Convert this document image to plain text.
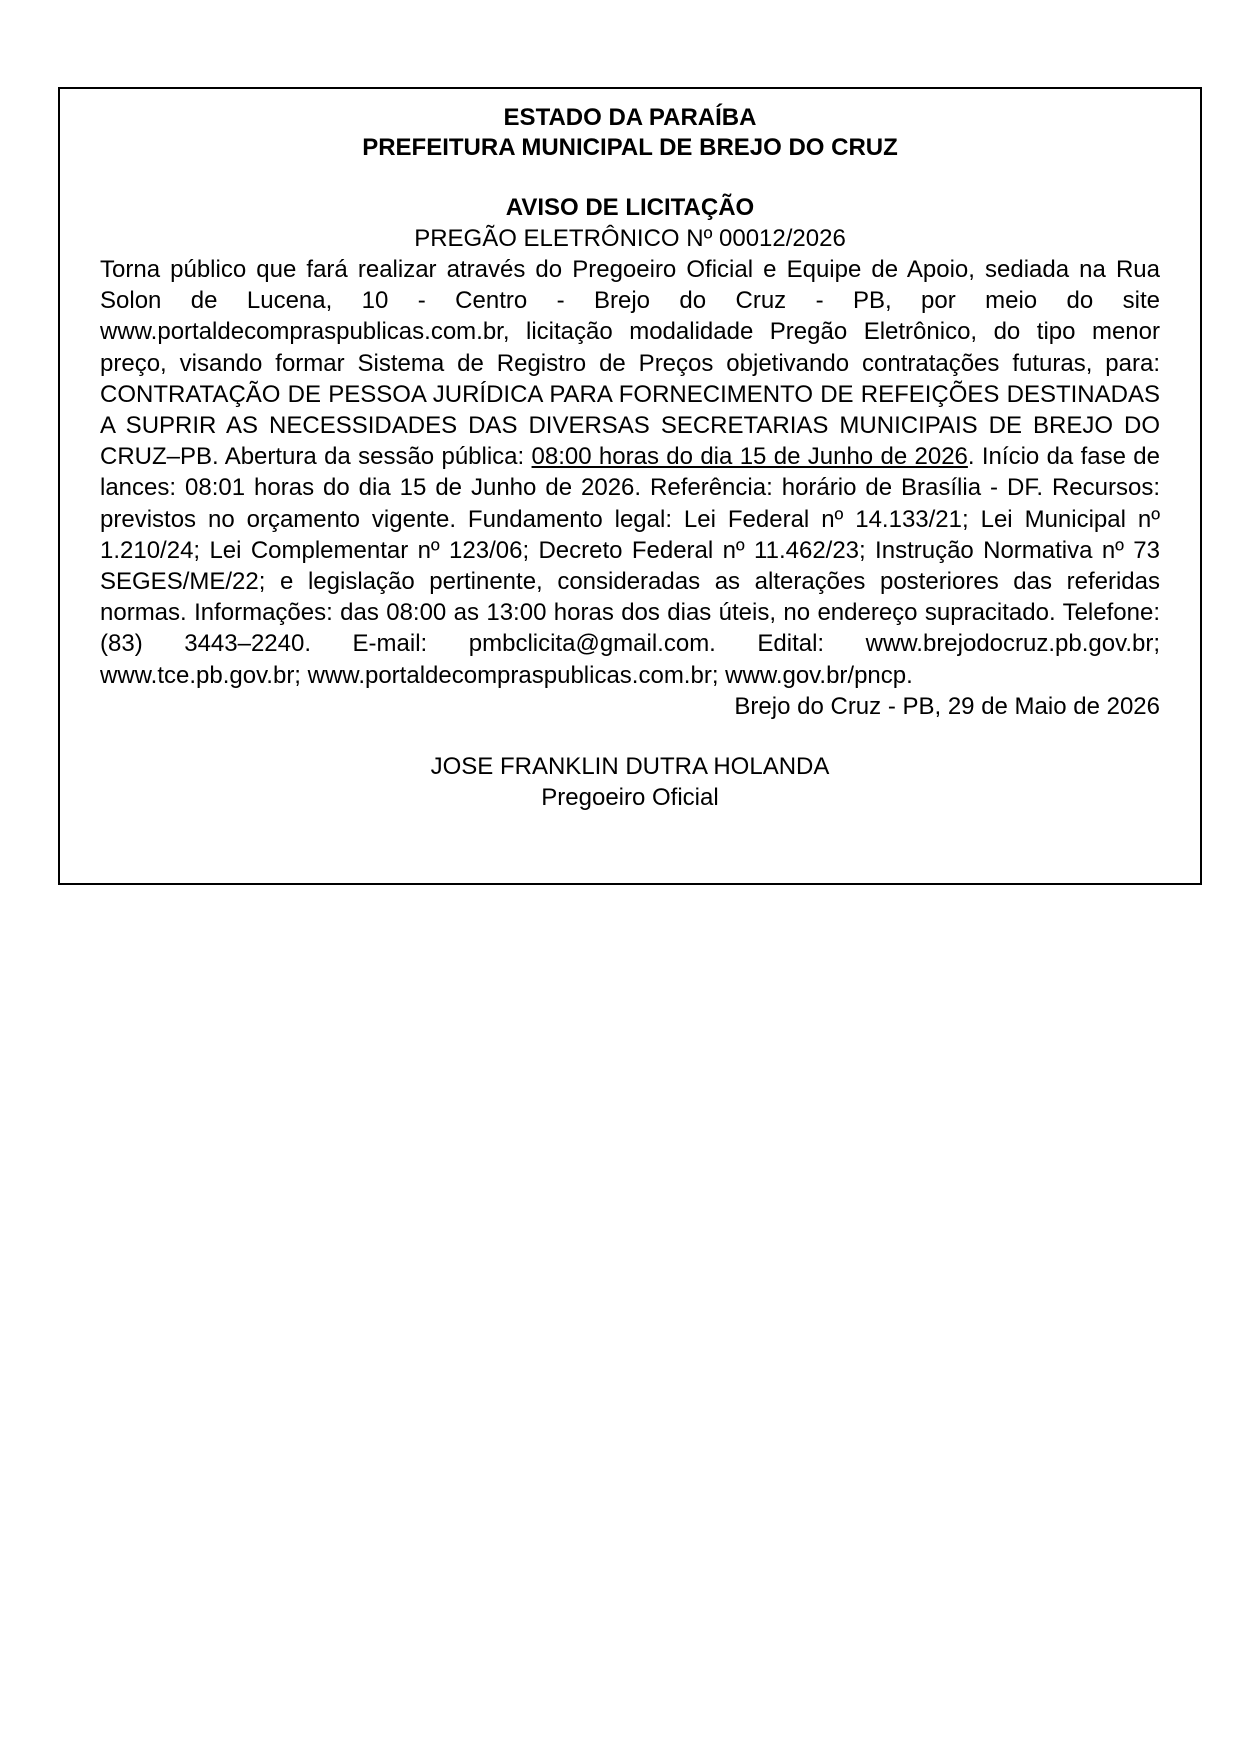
ESTADO DA PARAÍBA
PREFEITURA MUNICIPAL DE BREJO DO CRUZ
AVISO DE LICITAÇÃO
PREGÃO ELETRÔNICO Nº 00012/2026
Torna público que fará realizar através do Pregoeiro Oficial e Equipe de Apoio, sediada na Rua Solon de Lucena, 10 - Centro - Brejo do Cruz - PB, por meio do site www.portaldecompraspublicas.com.br, licitação modalidade Pregão Eletrônico, do tipo menor preço, visando formar Sistema de Registro de Preços objetivando contratações futuras, para: CONTRATAÇÃO DE PESSOA JURÍDICA PARA FORNECIMENTO DE REFEIÇÕES DESTINADAS A SUPRIR AS NECESSIDADES DAS DIVERSAS SECRETARIAS MUNICIPAIS DE BREJO DO CRUZ–PB. Abertura da sessão pública: 08:00 horas do dia 15 de Junho de 2026. Início da fase de lances: 08:01 horas do dia 15 de Junho de 2026. Referência: horário de Brasília - DF. Recursos: previstos no orçamento vigente. Fundamento legal: Lei Federal nº 14.133/21; Lei Municipal nº 1.210/24; Lei Complementar nº 123/06; Decreto Federal nº 11.462/23; Instrução Normativa nº 73 SEGES/ME/22; e legislação pertinente, consideradas as alterações posteriores das referidas normas. Informações: das 08:00 as 13:00 horas dos dias úteis, no endereço supracitado. Telefone: (83) 3443–2240. E-mail: pmbclicita@gmail.com. Edital: www.brejodocruz.pb.gov.br; www.tce.pb.gov.br; www.portaldecompraspublicas.com.br; www.gov.br/pncp.
Brejo do Cruz - PB, 29 de Maio de 2026
JOSE FRANKLIN DUTRA HOLANDA
Pregoeiro Oficial
